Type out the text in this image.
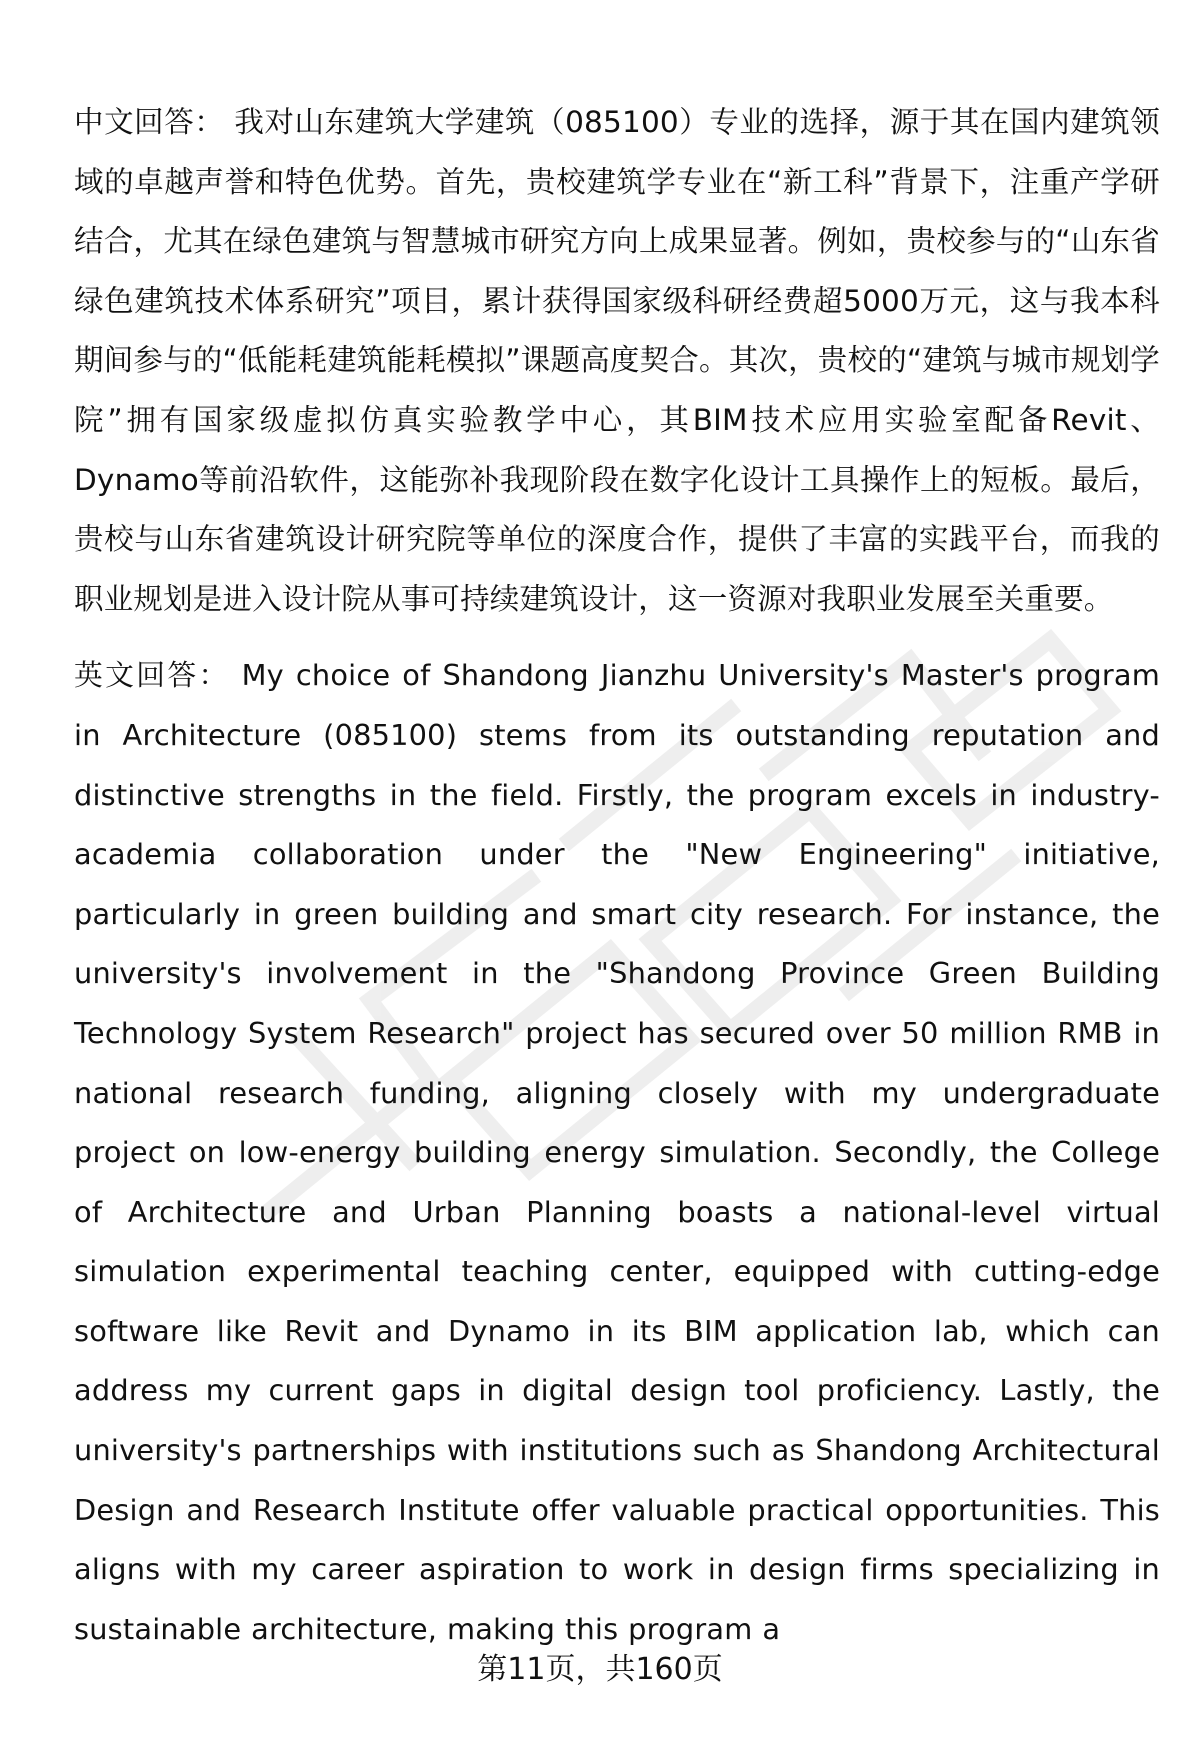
中文回答： 我对山东建筑大学建筑（085100）专业的选择，源于其在国内建筑领域的卓越声誉和特色优势。首先，贵校建筑学专业在“新工科”背景下，注重产学研结合，尤其在绿色建筑与智慧城市研究方向上成果显著。例如，贵校参与的“山东省绿色建筑技术体系研究”项目，累计获得国家级科研经费超5000万元，这与我本科期间参与的“低能耗建筑能耗模拟”课题高度契合。其次，贵校的“建筑与城市规划学院”拥有国家级虚拟仿真实验教学中心，其BIM技术应用实验室配备Revit、Dynamo等前沿软件，这能弥补我现阶段在数字化设计工具操作上的短板。最后，贵校与山东省建筑设计研究院等单位的深度合作，提供了丰富的实践平台，而我的职业规划是进入设计院从事可持续建筑设计，这一资源对我职业发展至关重要。

英文回答： My choice of Shandong Jianzhu University's Master's program in Architecture (085100) stems from its outstanding reputation and distinctive strengths in the field. Firstly, the program excels in industry-academia collaboration under the "New Engineering" initiative, particularly in green building and smart city research. For instance, the university's involvement in the "Shandong Province Green Building Technology System Research" project has secured over 50 million RMB in national research funding, aligning closely with my undergraduate project on low-energy building energy simulation. Secondly, the College of Architecture and Urban Planning boasts a national-level virtual simulation experimental teaching center, equipped with cutting-edge software like Revit and Dynamo in its BIM application lab, which can address my current gaps in digital design tool proficiency. Lastly, the university's partnerships with institutions such as Shandong Architectural Design and Research Institute offer valuable practical opportunities. This aligns with my career aspiration to work in design firms specializing in sustainable architecture, making this program a

第11页，共160页
